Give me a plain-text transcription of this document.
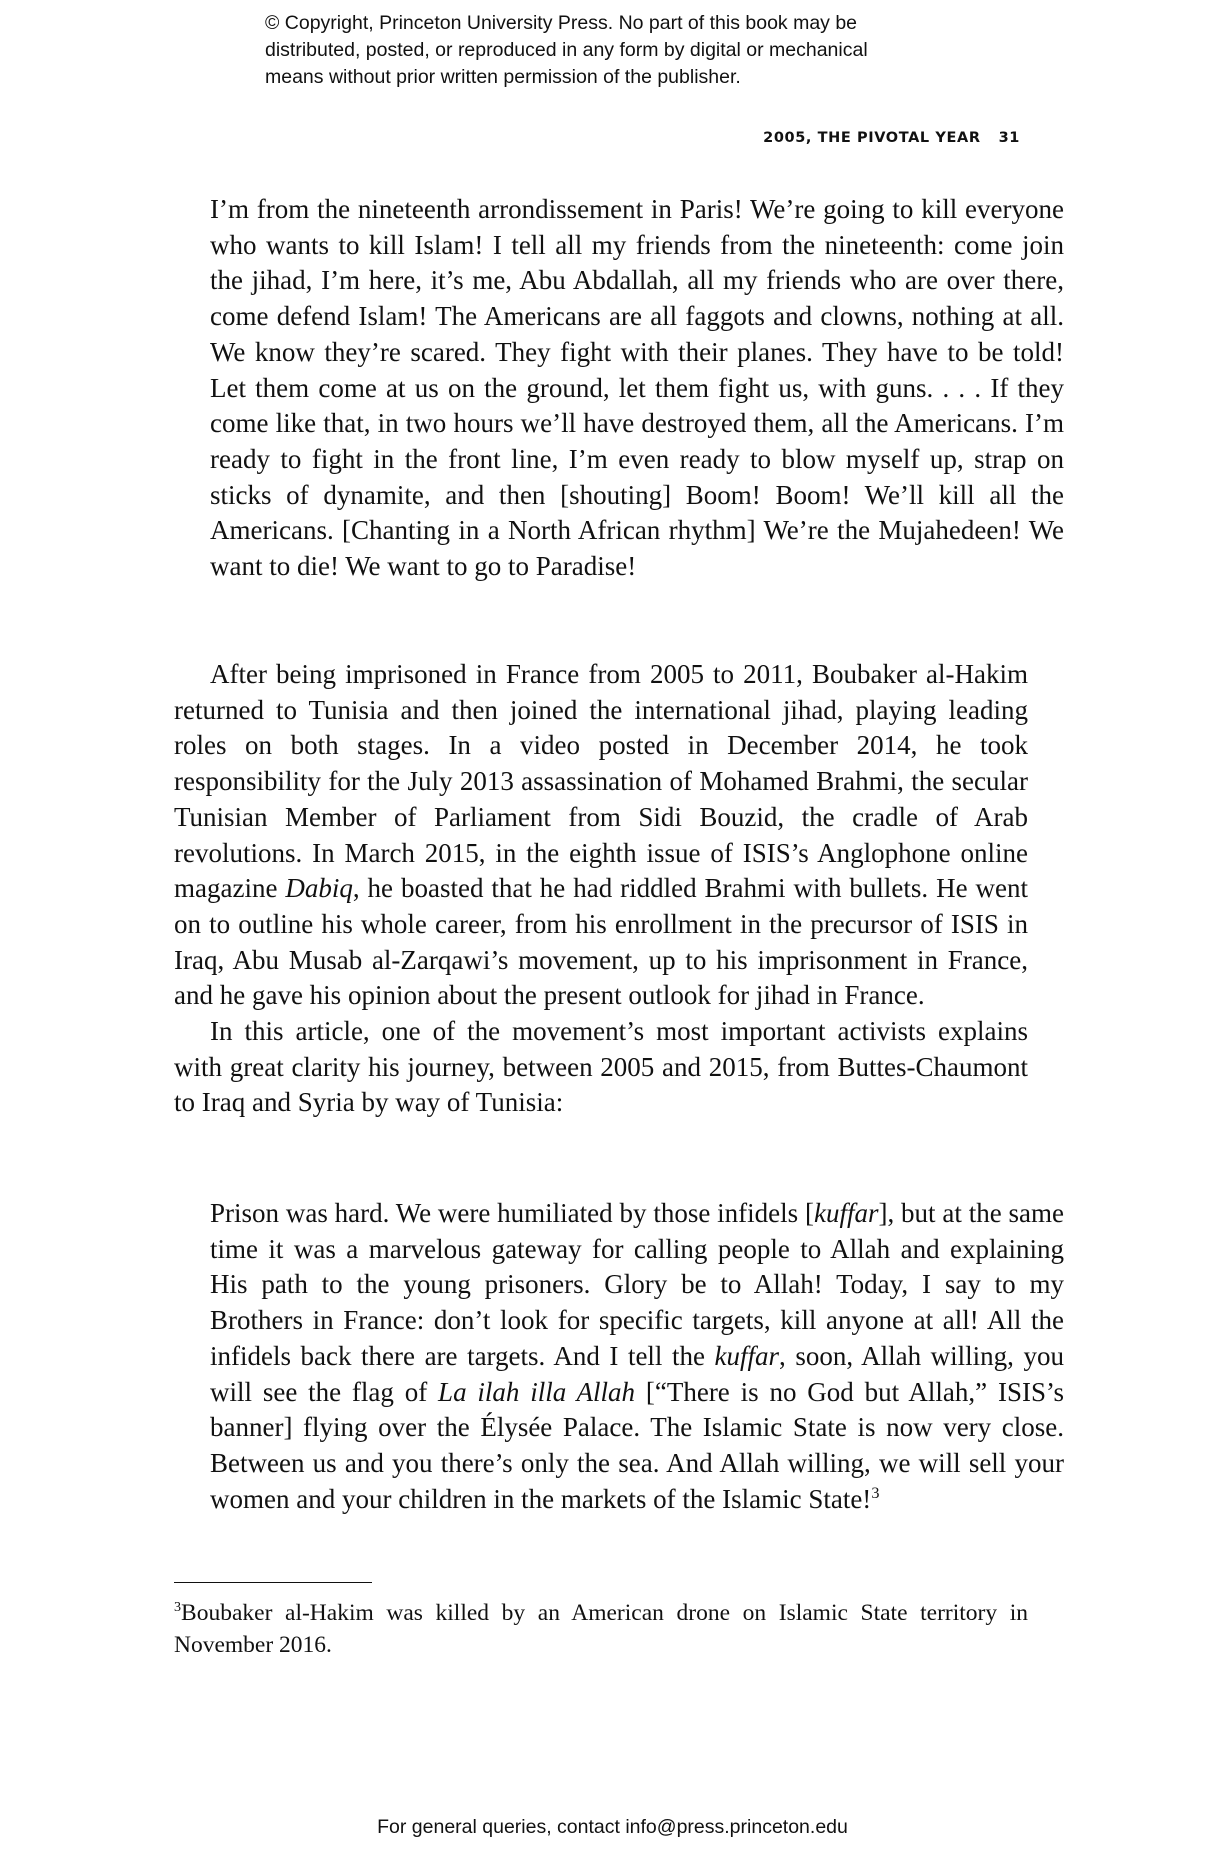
© Copyright, Princeton University Press. No part of this book may be
distributed, posted, or reproduced in any form by digital or mechanical
means without prior written permission of the publisher.
2005, THE PIVOTAL YEAR 31

I’m from the nineteenth arrondissement in Paris! We’re going to kill everyone who wants to kill Islam! I tell all my friends from the nineteenth: come join the jihad, I’m here, it’s me, Abu Abdallah, all my friends who are over there, come defend Islam! The Americans are all faggots and clowns, nothing at all. We know they’re scared. They fight with their planes. They have to be told! Let them come at us on the ground, let them fight us, with guns. . . . If they come like that, in two hours we’ll have destroyed them, all the Americans. I’m ready to fight in the front line, I’m even ready to blow myself up, strap on sticks of dynamite, and then [shouting] Boom! Boom! We’ll kill all the Americans. [Chanting in a North African rhythm] We’re the Mujahedeen! We want to die! We want to go to Paradise!

After being imprisoned in France from 2005 to 2011, Boubaker al-Hakim returned to Tunisia and then joined the international jihad, playing leading roles on both stages. In a video posted in December 2014, he took responsibility for the July 2013 assassination of Mohamed Brahmi, the secular Tunisian Member of Parliament from Sidi Bouzid, the cradle of Arab revolutions. In March 2015, in the eighth issue of ISIS’s Anglophone online magazine Dabiq, he boasted that he had riddled Brahmi with bullets. He went on to outline his whole career, from his enrollment in the precursor of ISIS in Iraq, Abu Musab al-Zarqawi’s movement, up to his imprisonment in France, and he gave his opinion about the present outlook for jihad in France.

In this article, one of the movement’s most important activists explains with great clarity his journey, between 2005 and 2015, from Buttes-Chaumont to Iraq and Syria by way of Tunisia:

Prison was hard. We were humiliated by those infidels [kuffar], but at the same time it was a marvelous gateway for calling people to Allah and explaining His path to the young prisoners. Glory be to Allah! Today, I say to my Brothers in France: don’t look for specific targets, kill anyone at all! All the infidels back there are targets. And I tell the kuffar, soon, Allah willing, you will see the flag of La ilah illa Allah [“There is no God but Allah,” ISIS’s banner] flying over the Élysée Palace. The Islamic State is now very close. Between us and you there’s only the sea. And Allah willing, we will sell your women and your children in the markets of the Islamic State!$^3$

$^3$Boubaker al-Hakim was killed by an American drone on Islamic State territory in November 2016.
For general queries, contact info@press.princeton.edu
